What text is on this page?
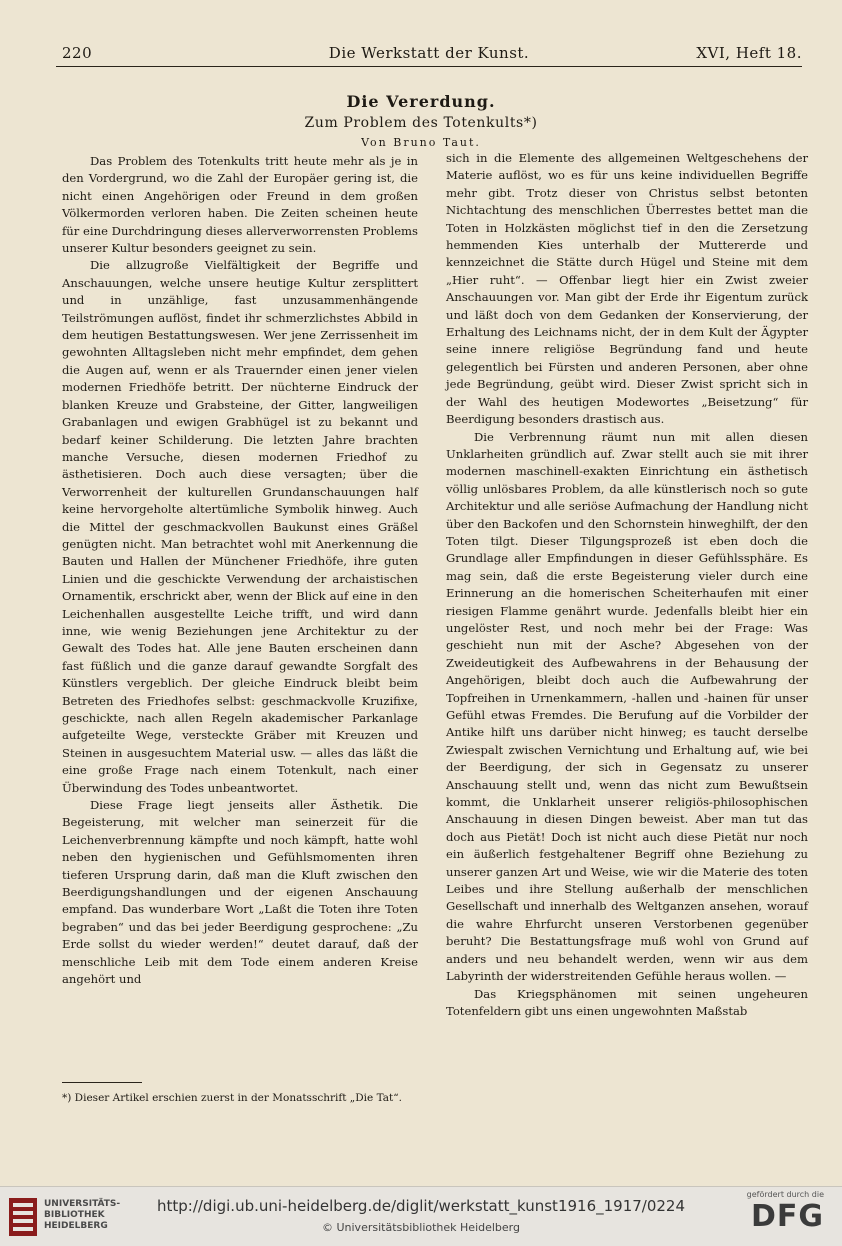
220	Die Werkstatt der Kunst.	XVI, Heft 18.
Die Vererdung.
Zum Problem des Totenkults*)
Von Bruno Taut.

Das Problem des Totenkults tritt heute mehr als je in den Vordergrund, wo die Zahl der Europäer gering ist, die nicht einen Angehörigen oder Freund in dem großen Völkermorden verloren haben. Die Zeiten scheinen heute für eine Durchdringung dieses allerverworrensten Problems unserer Kultur besonders geeignet zu sein.

Die allzugroße Vielfältigkeit der Begriffe und Anschauungen, welche unsere heutige Kultur zersplittert und in unzählige, fast unzusammenhängende Teilströmungen auflöst, findet ihr schmerzlichstes Abbild in dem heutigen Bestattungswesen. Wer jene Zerrissenheit im gewohnten Alltagsleben nicht mehr empfindet, dem gehen die Augen auf, wenn er als Trauernder einen jener vielen modernen Friedhöfe betritt. Der nüchterne Eindruck der blanken Kreuze und Grabsteine, der Gitter, langweiligen Grabanlagen und ewigen Grabhügel ist zu bekannt und bedarf keiner Schilderung. Die letzten Jahre brachten manche Versuche, diesen modernen Friedhof zu ästhetisieren. Doch auch diese versagten; über die Verworrenheit der kulturellen Grundanschauungen half keine hervorgeholte altertümliche Symbolik hinweg. Auch die Mittel der geschmackvollen Baukunst eines Gräßel genügten nicht. Man betrachtet wohl mit Anerkennung die Bauten und Hallen der Münchener Friedhöfe, ihre guten Linien und die geschickte Verwendung der archaistischen Ornamentik, erschrickt aber, wenn der Blick auf eine in den Leichenhallen ausgestellte Leiche trifft, und wird dann inne, wie wenig Beziehungen jene Architektur zu der Gewalt des Todes hat. Alle jene Bauten erscheinen dann fast füßlich und die ganze darauf gewandte Sorgfalt des Künstlers vergeblich. Der gleiche Eindruck bleibt beim Betreten des Friedhofes selbst: geschmackvolle Kruzifixe, geschickte, nach allen Regeln akademischer Parkanlage aufgeteilte Wege, versteckte Gräber mit Kreuzen und Steinen in ausgesuchtem Material usw. — alles das läßt die eine große Frage nach einem Totenkult, nach einer Überwindung des Todes unbeantwortet.

Diese Frage liegt jenseits aller Ästhetik. Die Begeisterung, mit welcher man seinerzeit für die Leichenverbrennung kämpfte und noch kämpft, hatte wohl neben den hygienischen und Gefühlsmomenten ihren tieferen Ursprung darin, daß man die Kluft zwischen den Beerdigungshandlungen und der eigenen Anschauung empfand. Das wunderbare Wort „Laßt die Toten ihre Toten begraben“ und das bei jeder Beerdigung gesprochene: „Zu Erde sollst du wieder werden!“ deutet darauf, daß der menschliche Leib mit dem Tode einem anderen Kreise angehört und

sich in die Elemente des allgemeinen Weltgeschehens der Materie auflöst, wo es für uns keine individuellen Begriffe mehr gibt. Trotz dieser von Christus selbst betonten Nichtachtung des menschlichen Überrestes bettet man die Toten in Holzkästen möglichst tief in den die Zersetzung hemmenden Kies unterhalb der Muttererde und kennzeichnet die Stätte durch Hügel und Steine mit dem „Hier ruht“. — Offenbar liegt hier ein Zwist zweier Anschauungen vor. Man gibt der Erde ihr Eigentum zurück und läßt doch von dem Gedanken der Konservierung, der Erhaltung des Leichnams nicht, der in dem Kult der Ägypter seine innere religiöse Begründung fand und heute gelegentlich bei Fürsten und anderen Personen, aber ohne jede Begründung, geübt wird. Dieser Zwist spricht sich in der Wahl des heutigen Modewortes „Beisetzung“ für Beerdigung besonders drastisch aus.

Die Verbrennung räumt nun mit allen diesen Unklarheiten gründlich auf. Zwar stellt auch sie mit ihrer modernen maschinell-exakten Einrichtung ein ästhetisch völlig unlösbares Problem, da alle künstlerisch noch so gute Architektur und alle seriöse Aufmachung der Handlung nicht über den Backofen und den Schornstein hinweghilft, der den Toten tilgt. Dieser Tilgungsprozeß ist eben doch die Grundlage aller Empfindungen in dieser Gefühlssphäre. Es mag sein, daß die erste Begeisterung vieler durch eine Erinnerung an die homerischen Scheiterhaufen mit einer riesigen Flamme genährt wurde. Jedenfalls bleibt hier ein ungelöster Rest, und noch mehr bei der Frage: Was geschieht nun mit der Asche? Abgesehen von der Zweideutigkeit des Aufbewahrens in der Behausung der Angehörigen, bleibt doch auch die Aufbewahrung der Topfreihen in Urnenkammern, -hallen und -hainen für unser Gefühl etwas Fremdes. Die Berufung auf die Vorbilder der Antike hilft uns darüber nicht hinweg; es taucht derselbe Zwiespalt zwischen Vernichtung und Erhaltung auf, wie bei der Beerdigung, der sich in Gegensatz zu unserer Anschauung stellt und, wenn das nicht zum Bewußtsein kommt, die Unklarheit unserer religiös-philosophischen Anschauung in diesen Dingen beweist. Aber man tut das doch aus Pietät! Doch ist nicht auch diese Pietät nur noch ein äußerlich festgehaltener Begriff ohne Beziehung zu unserer ganzen Art und Weise, wie wir die Materie des toten Leibes und ihre Stellung außerhalb der menschlichen Gesellschaft und innerhalb des Weltganzen ansehen, worauf die wahre Ehrfurcht unseren Verstorbenen gegenüber beruht? Die Bestattungsfrage muß wohl von Grund auf anders und neu behandelt werden, wenn wir aus dem Labyrinth der widerstreitenden Gefühle heraus wollen. —

Das Kriegsphänomen mit seinen ungeheuren Totenfeldern gibt uns einen ungewohnten Maßstab

*) Dieser Artikel erschien zuerst in der Monatsschrift „Die Tat“.
UNIVERSITÄTS-BIBLIOTHEK HEIDELBERG
http://digi.ub.uni-heidelberg.de/diglit/werkstatt_kunst1916_1917/0224
© Universitätsbibliothek Heidelberg
gefördert durch die
DFG
